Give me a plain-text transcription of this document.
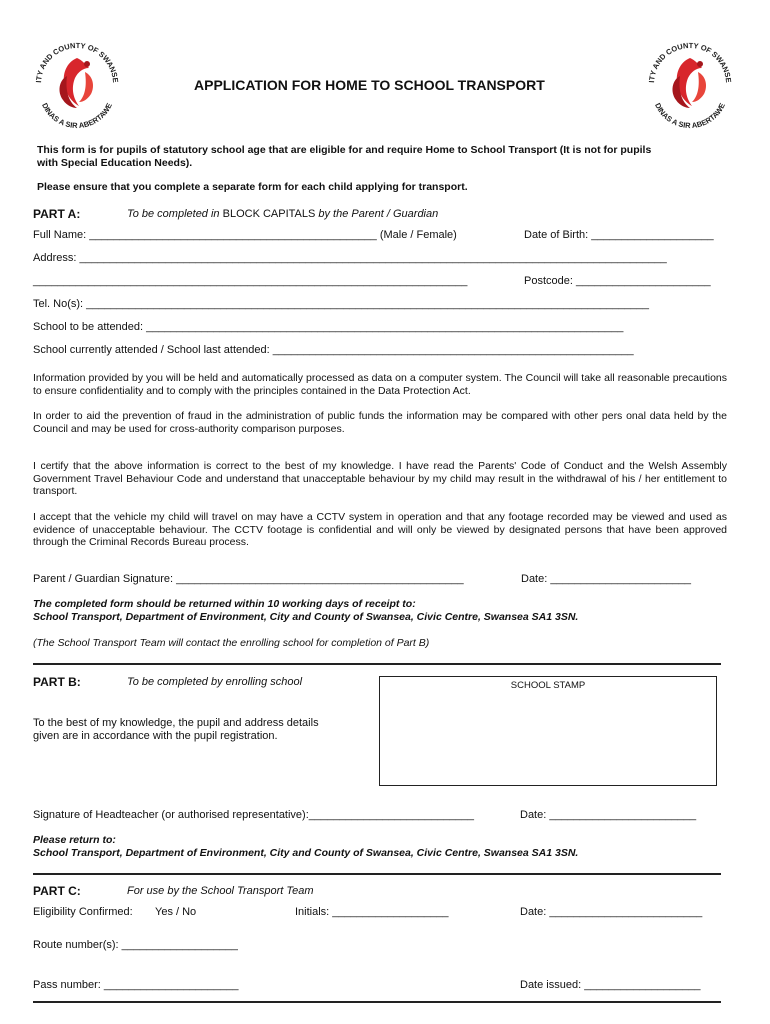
ITY AND COUNTY OF SWANSE
DINAS A SIR ABERTAWE
ITY AND COUNTY OF SWANSE
DINAS A SIR ABERTAWE
APPLICATION FOR HOME TO SCHOOL TRANSPORT
This form is for pupils of statutory school age that are eligible for and require Home to School Transport (It is not for pupils
with Special Education Needs).
Please ensure that you complete a separate form for each child applying for transport.
PART A:	To be completed in BLOCK CAPITALS by the Parent / Guardian
Full Name: _______________________________________________ (Male / Female)	Date of Birth: ____________________
Address: ________________________________________________________________________________________________
_______________________________________________________________________	Postcode: ______________________
Tel. No(s): ____________________________________________________________________________________________
School to be attended: ______________________________________________________________________________
School currently attended / School last attended: ___________________________________________________________
Information provided by you will be held and automatically processed as data on a computer system. The Council will take all reasonable precautions to ensure confidentiality and to comply with the principles contained in the Data Protection Act.
In order to aid the prevention of fraud in the administration of public funds the information may be compared with other pers onal data held by the Council and may be used for cross-authority comparison purposes.
I certify that the above information is correct to the best of my knowledge. I have read the Parents' Code of Conduct and the Welsh Assembly Government Travel Behaviour Code and understand that unacceptable behaviour by my child may result in the withdrawal of his / her entitlement to transport.
I accept that the vehicle my child will travel on may have a CCTV system in operation and that any footage recorded may be viewed and used as evidence of unacceptable behaviour. The CCTV footage is confidential and will only be viewed by designated persons that have been approved through the Criminal Records Bureau process.
Parent / Guardian Signature: _______________________________________________	Date: _______________________
The completed form should be returned within 10 working days of receipt to:
School Transport, Department of Environment, City and County of Swansea, Civic Centre, Swansea SA1 3SN.
(The School Transport Team will contact the enrolling school for completion of Part B)
PART B:	To be completed by enrolling school	SCHOOL STAMP
To the best of my knowledge, the pupil and address details
given are in accordance with the pupil registration.
Signature of Headteacher (or authorised representative):___________________________	Date: ________________________
Please return to:
School Transport, Department of Environment, City and County of Swansea, Civic Centre, Swansea SA1 3SN.
PART C:	For use by the School Transport Team
Eligibility Confirmed: Yes / No	Initials: ___________________	Date: _________________________
Route number(s): ___________________
Pass number: ______________________	Date issued: ___________________
